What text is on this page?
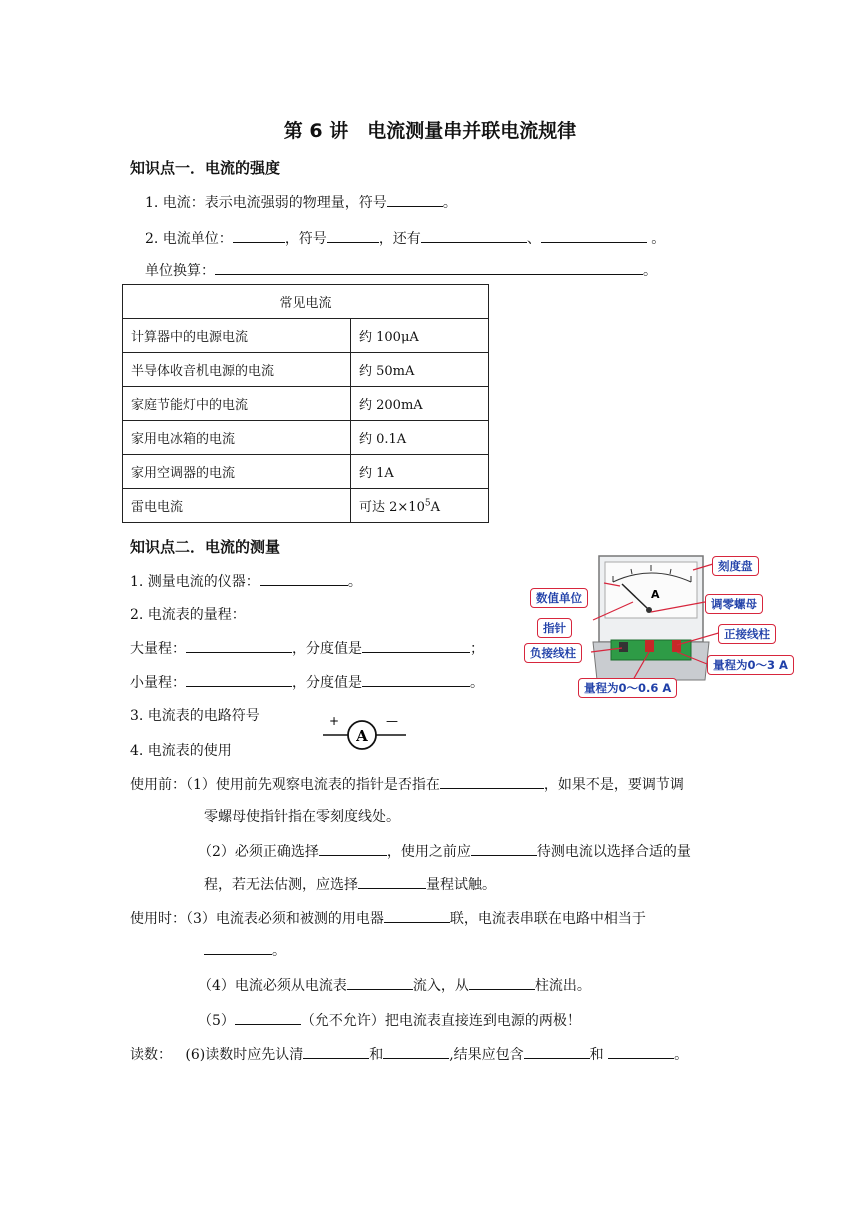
第 6 讲　电流测量串并联电流规律
知识点一．电流的强度
1. 电流：表示电流强弱的物理量，符号	。
2. 电流单位：	，符号	，还有	、	。
单位换算：	。
常见电流	
计算器中的电源电流	约 100μA
半导体收音机电源的电流	约 50mA
家庭节能灯中的电流	约 200mA
家用电冰箱的电流	约 0.1A
家用空调器的电流	约 1A
雷电电流	可达 $2\times 10^5A$
知识点二．电流的测量
1. 测量电流的仪器：	。
2. 电流表的量程：
大量程：	，分度值是	；
小量程：	，分度值是	。
3. 电流表的电路符号
4. 电流表的使用
A
+	—
A
刻度盘
数值单位	调零螺母
指针	正接线柱
负接线柱
量程为0～3 A
量程为0～0.6 A
使用前：（1）使用前先观察电流表的指针是否指在	，如果不是，要调节调
零螺母使指针指在零刻度线处。
（2）必须正确选择	，使用之前应	待测电流以选择合适的量
程，若无法估测，应选择	量程试触。
使用时：（3）电流表必须和被测的用电器	联，电流表串联在电路中相当于
。
（4）电流必须从电流表	流入，从	柱流出。
（5）	（允不允许）把电流表直接连到电源的两极！
读数： (6)读数时应先认清	和	,结果应包含	和	。
